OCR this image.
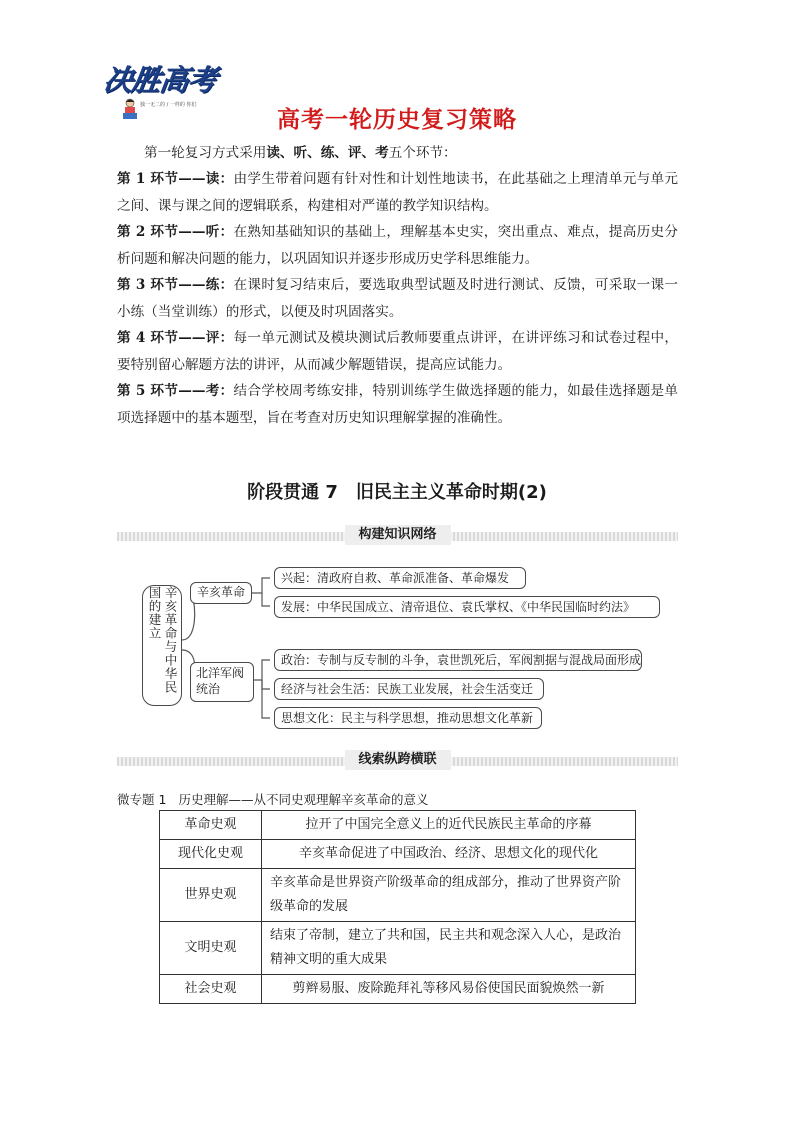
决胜高考
独一无二的 / 一样的 你们
高考一轮历史复习策略
第一轮复习方式采用读、听、练、评、考五个环节：
第 1 环节——读：由学生带着问题有针对性和计划性地读书，在此基础之上理清单元与单元之间、课与课之间的逻辑联系，构建相对严谨的教学知识结构。
第 2 环节——听：在熟知基础知识的基础上，理解基本史实，突出重点、难点，提高历史分析问题和解决问题的能力，以巩固知识并逐步形成历史学科思维能力。
第 3 环节——练：在课时复习结束后，要选取典型试题及时进行测试、反馈，可采取一课一小练（当堂训练）的形式，以便及时巩固落实。
第 4 环节——评：每一单元测试及模块测试后教师要重点讲评，在讲评练习和试卷过程中，要特别留心解题方法的讲评，从而减少解题错误，提高应试能力。
第 5 环节——考：结合学校周考练安排，特别训练学生做选择题的能力，如最佳选择题是单项选择题中的基本题型，旨在考查对历史知识理解掌握的准确性。
阶段贯通 7　旧民主主义革命时期(2)
构建知识网络
辛亥革命与中华民国的建立	辛亥革命
兴起：清政府自救、革命派准备、革命爆发
发展：中华民国成立、清帝退位、袁氏掌权、《中华民国临时约法》
北洋军阀统治
政治：专制与反专制的斗争，袁世凯死后，军阀割据与混战局面形成
经济与社会生活：民族工业发展，社会生活变迁
思想文化：民主与科学思想，推动思想文化革新
线索纵跨横联
微专题 1 历史理解——从不同史观理解辛亥革命的意义
革命史观	拉开了中国完全意义上的近代民族民主革命的序幕
现代化史观	辛亥革命促进了中国政治、经济、思想文化的现代化
世界史观	辛亥革命是世界资产阶级革命的组成部分，推动了世界资产阶级革命的发展
文明史观	结束了帝制，建立了共和国，民主共和观念深入人心，是政治精神文明的重大成果
社会史观	剪辫易服、废除跪拜礼等移风易俗使国民面貌焕然一新
